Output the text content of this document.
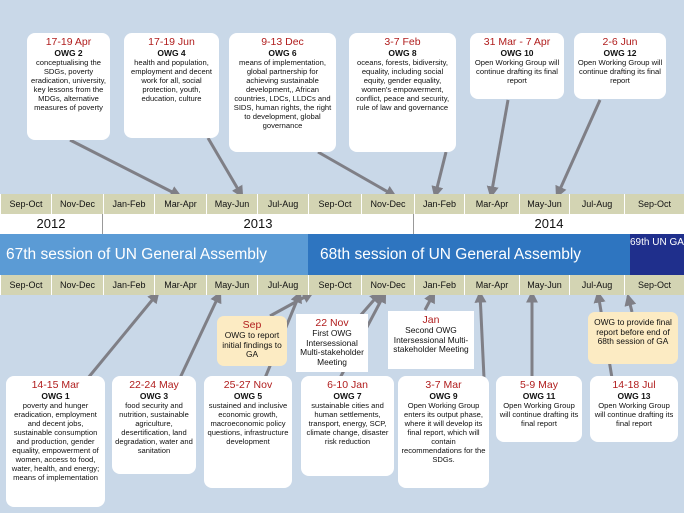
Sep-Oct	Nov-Dec	Jan-Feb	Mar-Apr	May-Jun	Jul-Aug	Sep-Oct	Nov-Dec	Jan-Feb	Mar-Apr	May-Jun	Jul-Aug	Sep-Oct
2012	2013	2014
67th session of UN General Assembly	68th session of UN General Assembly
69th UN GA
Sep-Oct	Nov-Dec	Jan-Feb	Mar-Apr	May-Jun	Jul-Aug	Sep-Oct	Nov-Dec	Jan-Feb	Mar-Apr	May-Jun	Jul-Aug	Sep-Oct
17-19 Apr
OWG 2
conceptualising the SDGs, poverty eradication, university, key lessons from the MDGs, alternative measures of poverty
17-19 Jun
OWG 4
health and population, employment and decent work for all, social protection, youth, education, culture
9-13 Dec
OWG 6
means of implementation, global partnership for achieving sustainable development,, African countries, LDCs, LLDCs and SIDS, human rights, the right to development, global governance
3-7 Feb
OWG 8
oceans, forests, bidiversity, equality, including social equity, gender equality, women's empowerment, conflict, peace and security, rule of law and governance
31 Mar - 7 Apr
OWG 10
Open Working Group will continue drafting its final report
2-6 Jun
OWG 12
Open Working Group will continue drafting its final report
Sep
OWG to report initial findings to GA
22 Nov
First OWG Intersessional Multi-stakeholder Meeting
Jan
Second OWG Intersessional Multi-stakeholder Meeting
OWG to provide final report before end of 68th session of GA
14-15 Mar
OWG 1
poverty and hunger eradication, employment and decent jobs, sustainable consumption and production, gender equality, empowerment of women, access to food, water, health, and energy; means of implementation
22-24 May
OWG 3
food security and nutrition, sustainable agriculture, desertification, land degradation, water and sanitation
25-27 Nov
OWG 5
sustained and inclusive economic growth, macroeconomic policy questions, infrastructure development
6-10 Jan
OWG 7
sustainable cities and human settlements, transport, energy, SCP, climate change, disaster risk reduction
3-7 Mar
OWG 9
Open Working Group enters its output phase, where it will develop its final report, which will contain recommendations for the SDGs.
5-9 May
OWG 11
Open Working Group will continue drafting its final report
14-18 Jul
OWG 13
Open Working Group will continue drafting its final report
